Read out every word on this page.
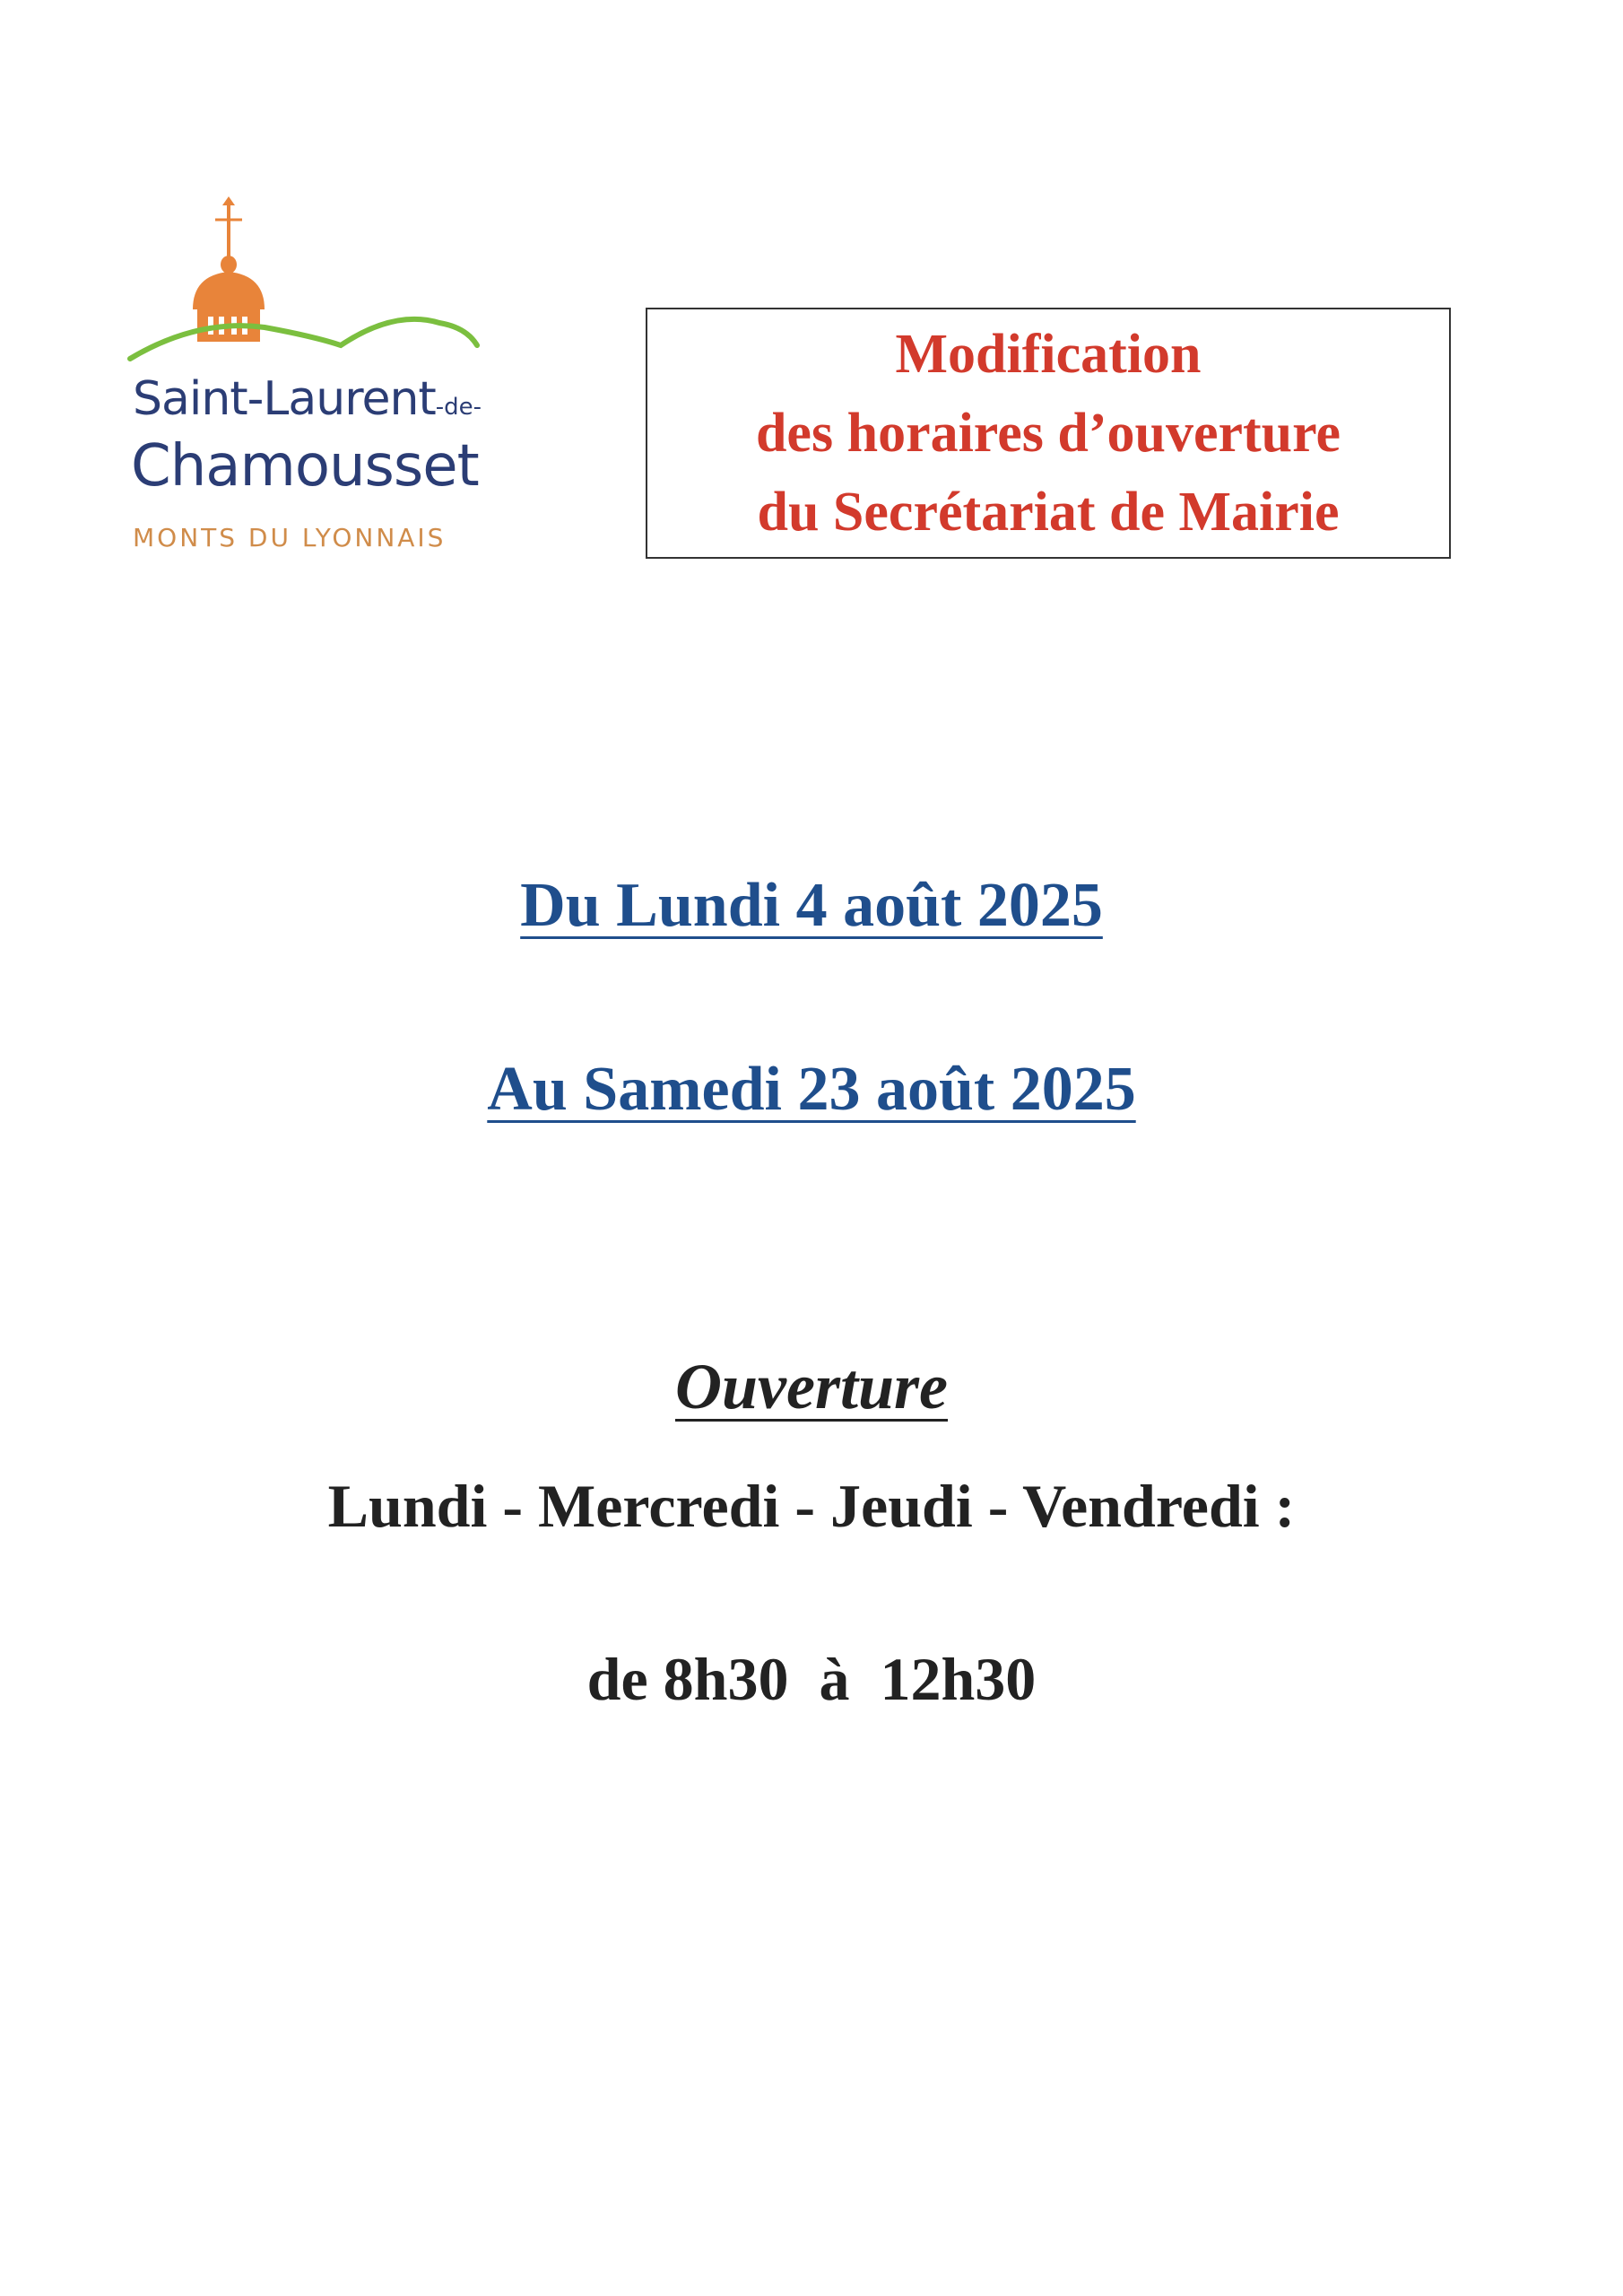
Saint-Laurent-de-
Chamousset
MONTS DU LYONNAIS
Modification
des horaires d’ouverture
du Secrétariat de Mairie
Du Lundi 4 août 2025
Au Samedi 23 août 2025
Ouverture
Lundi - Mercredi - Jeudi - Vendredi :
de 8h30  à  12h30
